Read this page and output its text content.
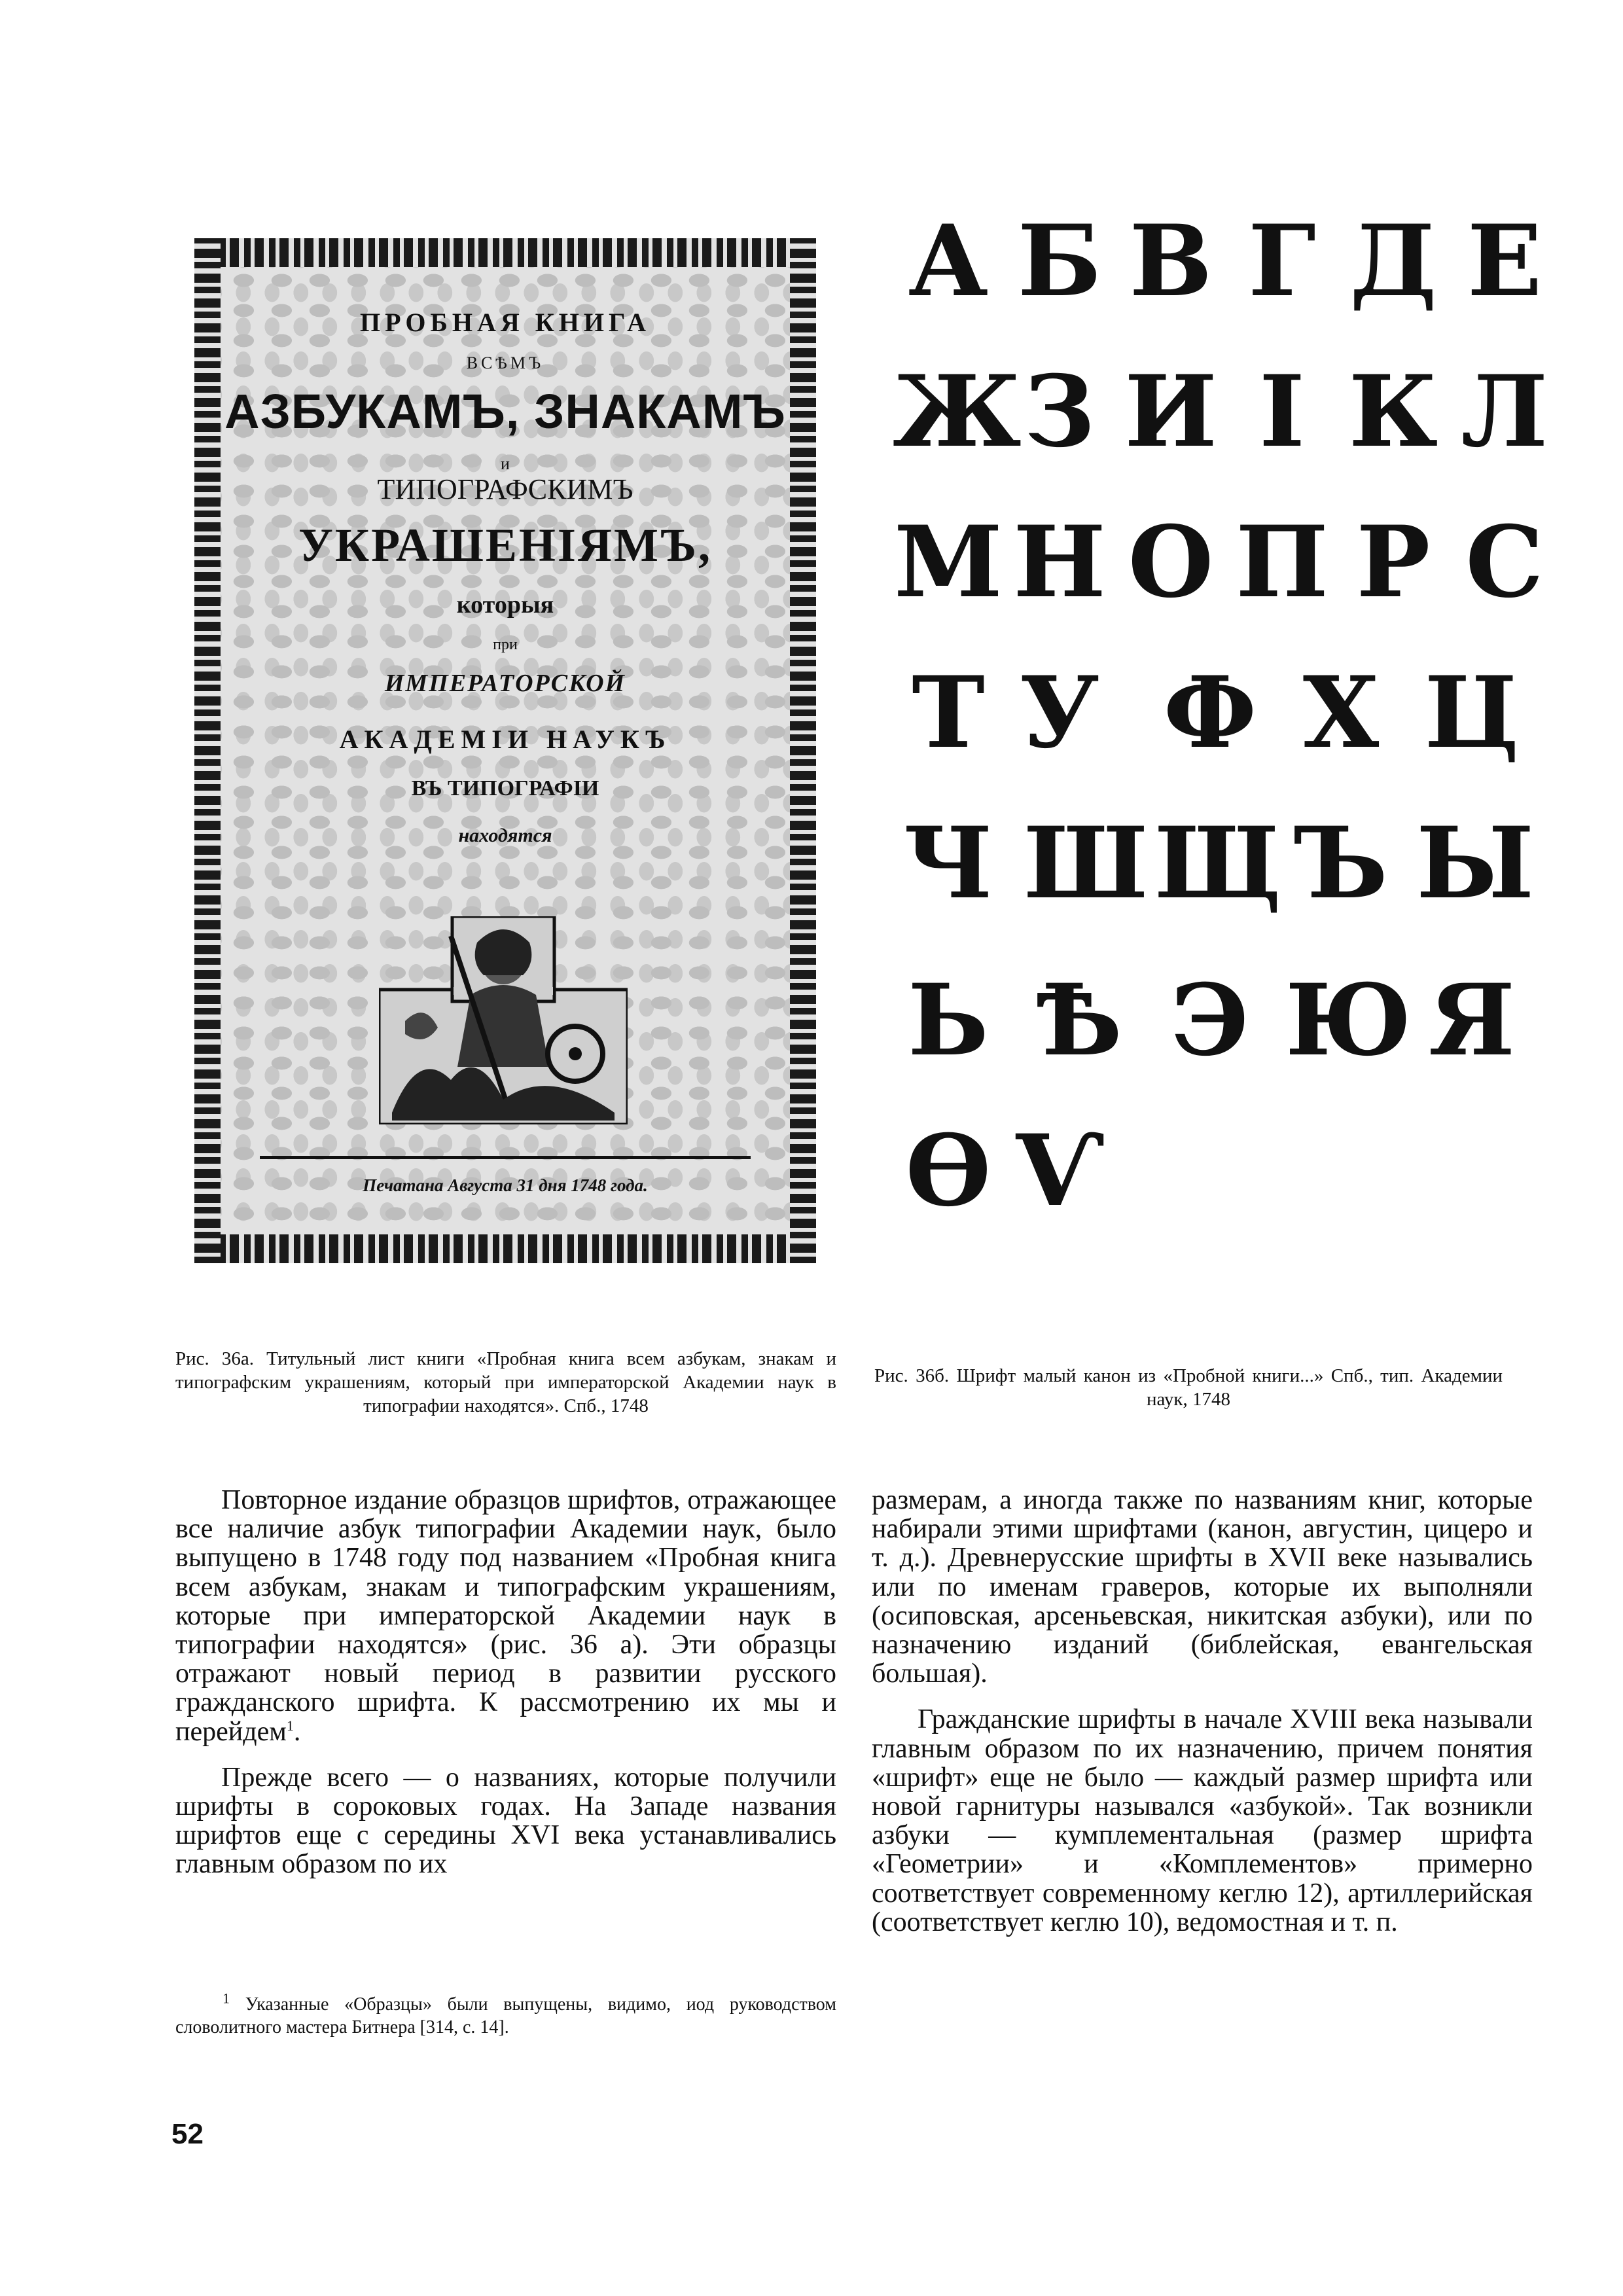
ПРОБНАЯ КНИГА
ВСѢМЪ
АЗБУКАМЪ, ЗНАКАМЪ
и
ТИПОГРАФСКИМЪ
УКРАШЕНІЯМЪ,
которыя
при
ИМПЕРАТОРСКОЙ
АКАДЕМІИ НАУКЪ
ВЪ ТИПОГРАФІИ
находятся
Печатана Августа 31 дня 1748 года.
А Б В Г Д Е
Ж З И І К Л
М Н О П Р С
Т У Ф Х Ц
Ч Ш Щ Ъ Ы
Ь Ѣ Э Ю Я
Ѳ Ѵ
Рис. 36а. Титульный лист книги «Пробная книга всем азбукам, знакам и типографским украшениям, который при императорской Академии наук в типографии находятся». Спб., 1748
Рис. 36б. Шрифт малый канон из «Пробной книги...» Спб., тип. Академии наук, 1748

Повторное издание образцов шрифтов, отражающее все наличие азбук типографии Академии наук, было выпущено в 1748 году под названием «Пробная книга всем азбукам, знакам и типографским украшениям, которые при императорской Академии наук в типографии находятся» (рис. 36 а). Эти образцы отражают новый период в развитии русского гражданского шрифта. К рассмотрению их мы и перейдем$^1$.

Прежде всего — о названиях, которые получили шрифты в сороковых годах. На Западе названия шрифтов еще с середины XVI века устанавливались главным образом по их

размерам, а иногда также по названиям книг, которые набирали этими шрифтами (канон, августин, цицеро и т. д.). Древнерусские шрифты в XVII веке назывались или по именам граверов, которые их выполняли (осиповская, арсеньевская, никитская азбуки), или по назначению изданий (библейская, евангельская большая).

Гражданские шрифты в начале XVIII века называли главным образом по их назначению, причем понятия «шрифт» еще не было — каждый размер шрифта или новой гарнитуры назывался «азбукой». Так возникли азбуки — кумплементальная (размер шрифта «Геометрии» и «Комплементов» примерно соответствует современному кеглю 12), артиллерийская (соответствует кеглю 10), ведомостная и т. п.

$^1$ Указанные «Образцы» были выпущены, видимо, иод руководством словолитного мастера Битнера [314, с. 14].
52
